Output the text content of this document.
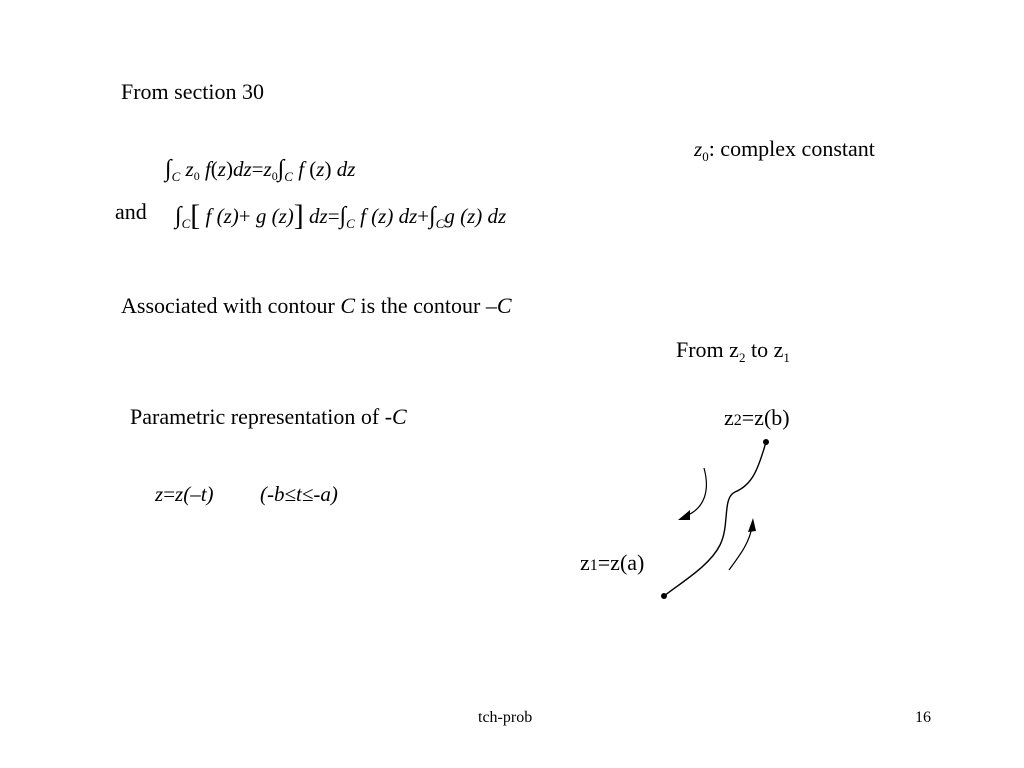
From section 30
$z_0$: complex constant
$\int_C$ z0 $f(z)dz=z0\int_C$ f (z) dz
and $\int_C$[ f (z)+ g (z)] $dz=\int_C$ f (z) $dz+\int_Cg$ (z) dz
Associated with contour C is the contour –C
From $z_2$ to $z_1$
Parametric representation of -C
z=z(–t) (-b≤t≤-a)
z2=z(b)
z1=z(a)
tch-prob	16
